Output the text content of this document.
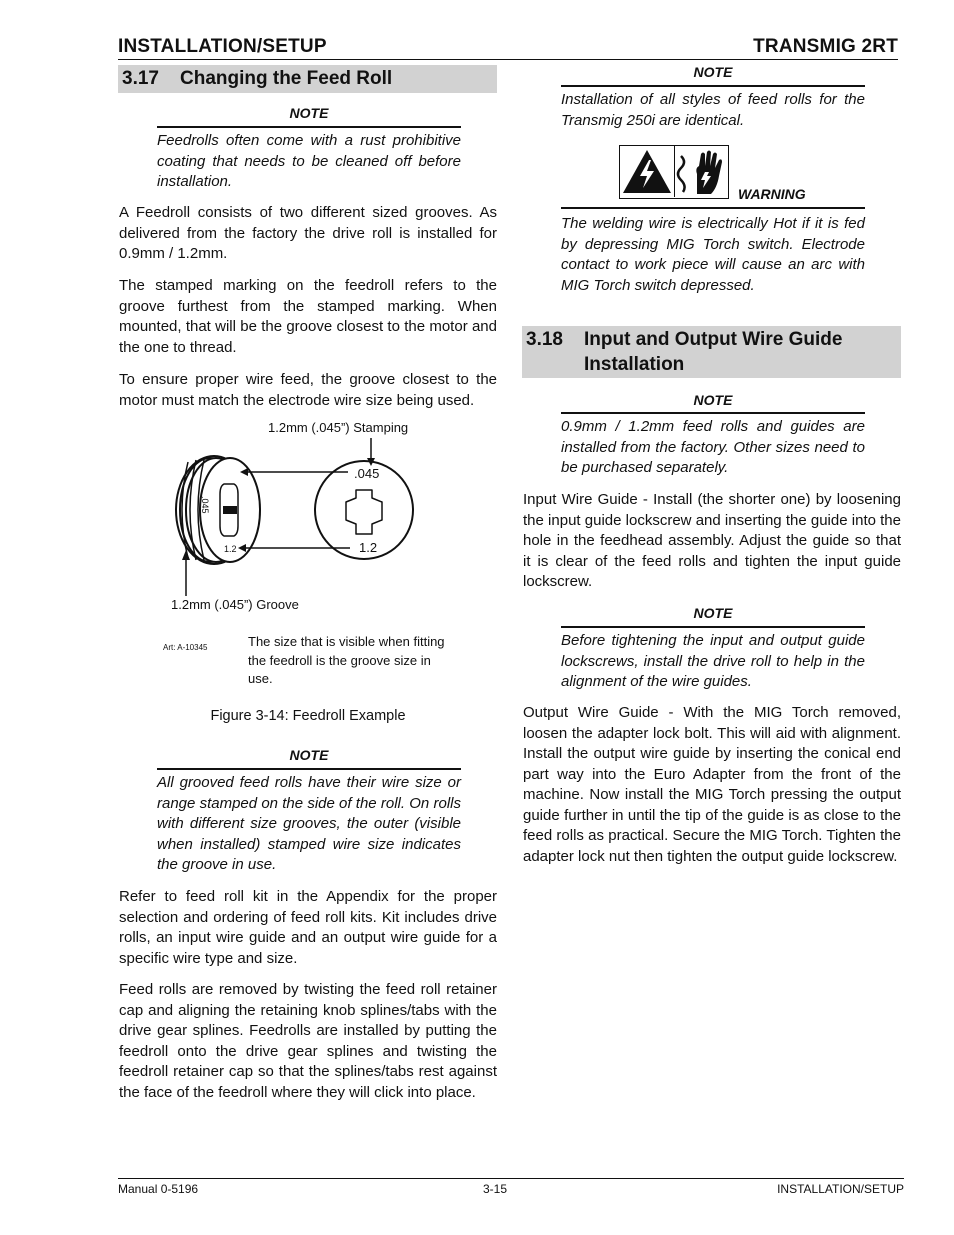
INSTALLATION/SETUP	TRANSMIG 2RT
3.17 Changing the Feed Roll
NOTE
Feedrolls often come with a rust prohibitive coating that needs to be cleaned off before installation.
A Feedroll consists of two different sized grooves. As delivered from the factory the drive roll is installed for 0.9mm / 1.2mm.
The stamped marking on the feedroll refers to the groove furthest from the stamped marking. When mounted, that will be the groove closest to the motor and the one to thread.
To ensure proper wire feed, the groove closest to the motor must match the electrode wire size being used.
1.2mm (.045”) Stamping
.045
1.2
.045
1.2
1.2mm (.045”) Groove
Art: A-10345	The size that is visible when fitting the feedroll is the groove size in use.
Figure 3-14: Feedroll Example
NOTE
All grooved feed rolls have their wire size or range stamped on the side of the roll. On rolls with different size grooves, the outer (visible when installed) stamped wire size indicates the groove in use.
Refer to feed roll kit in the Appendix for the proper selection and ordering of feed roll kits. Kit includes drive rolls, an input wire guide and an output wire guide for a specific wire type and size.
Feed rolls are removed by twisting the feed roll retainer cap and aligning the retaining knob splines/tabs with the drive gear splines. Feedrolls are installed by putting the feedroll onto the drive gear splines and twisting the feedroll retainer cap so that the splines/tabs rest against the face of the feedroll where they will click into place.
NOTE
Installation of all styles of feed rolls for the Transmig 250i are identical.
WARNING
The welding wire is electrically Hot if it is fed by depressing MIG Torch switch. Electrode contact to work piece will cause an arc with MIG Torch switch depressed.
3.18	Input and Output Wire Guide
Installation
NOTE
0.9mm / 1.2mm feed rolls and guides are installed from the factory. Other sizes need to be purchased separately.
Input Wire Guide - Install (the shorter one) by loosening the input guide lockscrew and inserting the guide into the hole in the feedhead assembly. Adjust the guide so that it is clear of the feed rolls and tighten the input guide lockscrew.
NOTE
Before tightening the input and output guide lockscrews, install the drive roll to help in the alignment of the wire guides.
Output Wire Guide - With the MIG Torch removed, loosen the adapter lock bolt. This will aid with alignment. Install the output wire guide by inserting the conical end part way into the Euro Adapter from the front of the machine. Now install the MIG Torch pressing the output guide further in until the tip of the guide is as close to the feed rolls as practical. Secure the MIG Torch. Tighten the adapter lock nut then tighten the output guide lockscrew.
Manual 0-5196	3-15	INSTALLATION/SETUP
